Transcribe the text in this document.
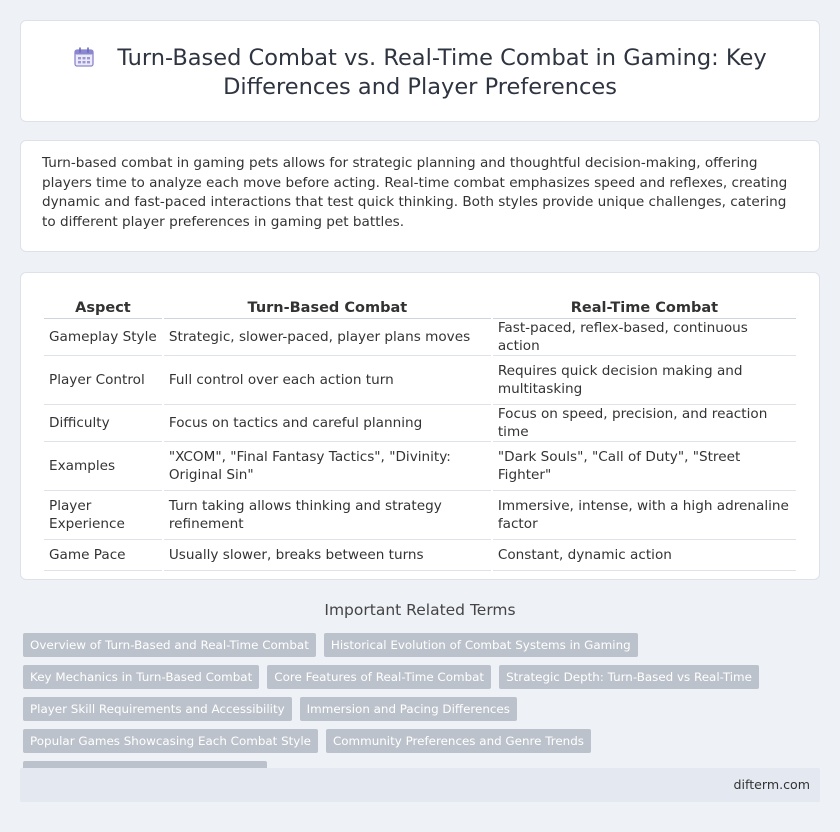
Turn-Based Combat vs. Real-Time Combat in Gaming: Key Differences and Player Preferences

Turn-based combat in gaming pets allows for strategic planning and thoughtful decision-making, offering players time to analyze each move before acting. Real-time combat emphasizes speed and reflexes, creating dynamic and fast-paced interactions that test quick thinking. Both styles provide unique challenges, catering to different player preferences in gaming pet battles.

Aspect	Turn-Based Combat	Real-Time Combat
Gameplay Style	Strategic, slower-paced, player plans moves	Fast-paced, reflex-based, continuous action
Player Control	Full control over each action turn	Requires quick decision making and multitasking
Difficulty	Focus on tactics and careful planning	Focus on speed, precision, and reaction time
Examples	"XCOM", "Final Fantasy Tactics", "Divinity: Original Sin"	"Dark Souls", "Call of Duty", "Street Fighter"
Player Experience	Turn taking allows thinking and strategy refinement	Immersive, intense, with a high adrenaline factor
Game Pace	Usually slower, breaks between turns	Constant, dynamic action
Important Related Terms
Overview of Turn-Based and Real-Time Combat	Historical Evolution of Combat Systems in Gaming
Key Mechanics in Turn-Based Combat	Core Features of Real-Time Combat	Strategic Depth: Turn-Based vs Real-Time
Player Skill Requirements and Accessibility	Immersion and Pacing Differences
Popular Games Showcasing Each Combat Style	Community Preferences and Genre Trends
difterm.com
